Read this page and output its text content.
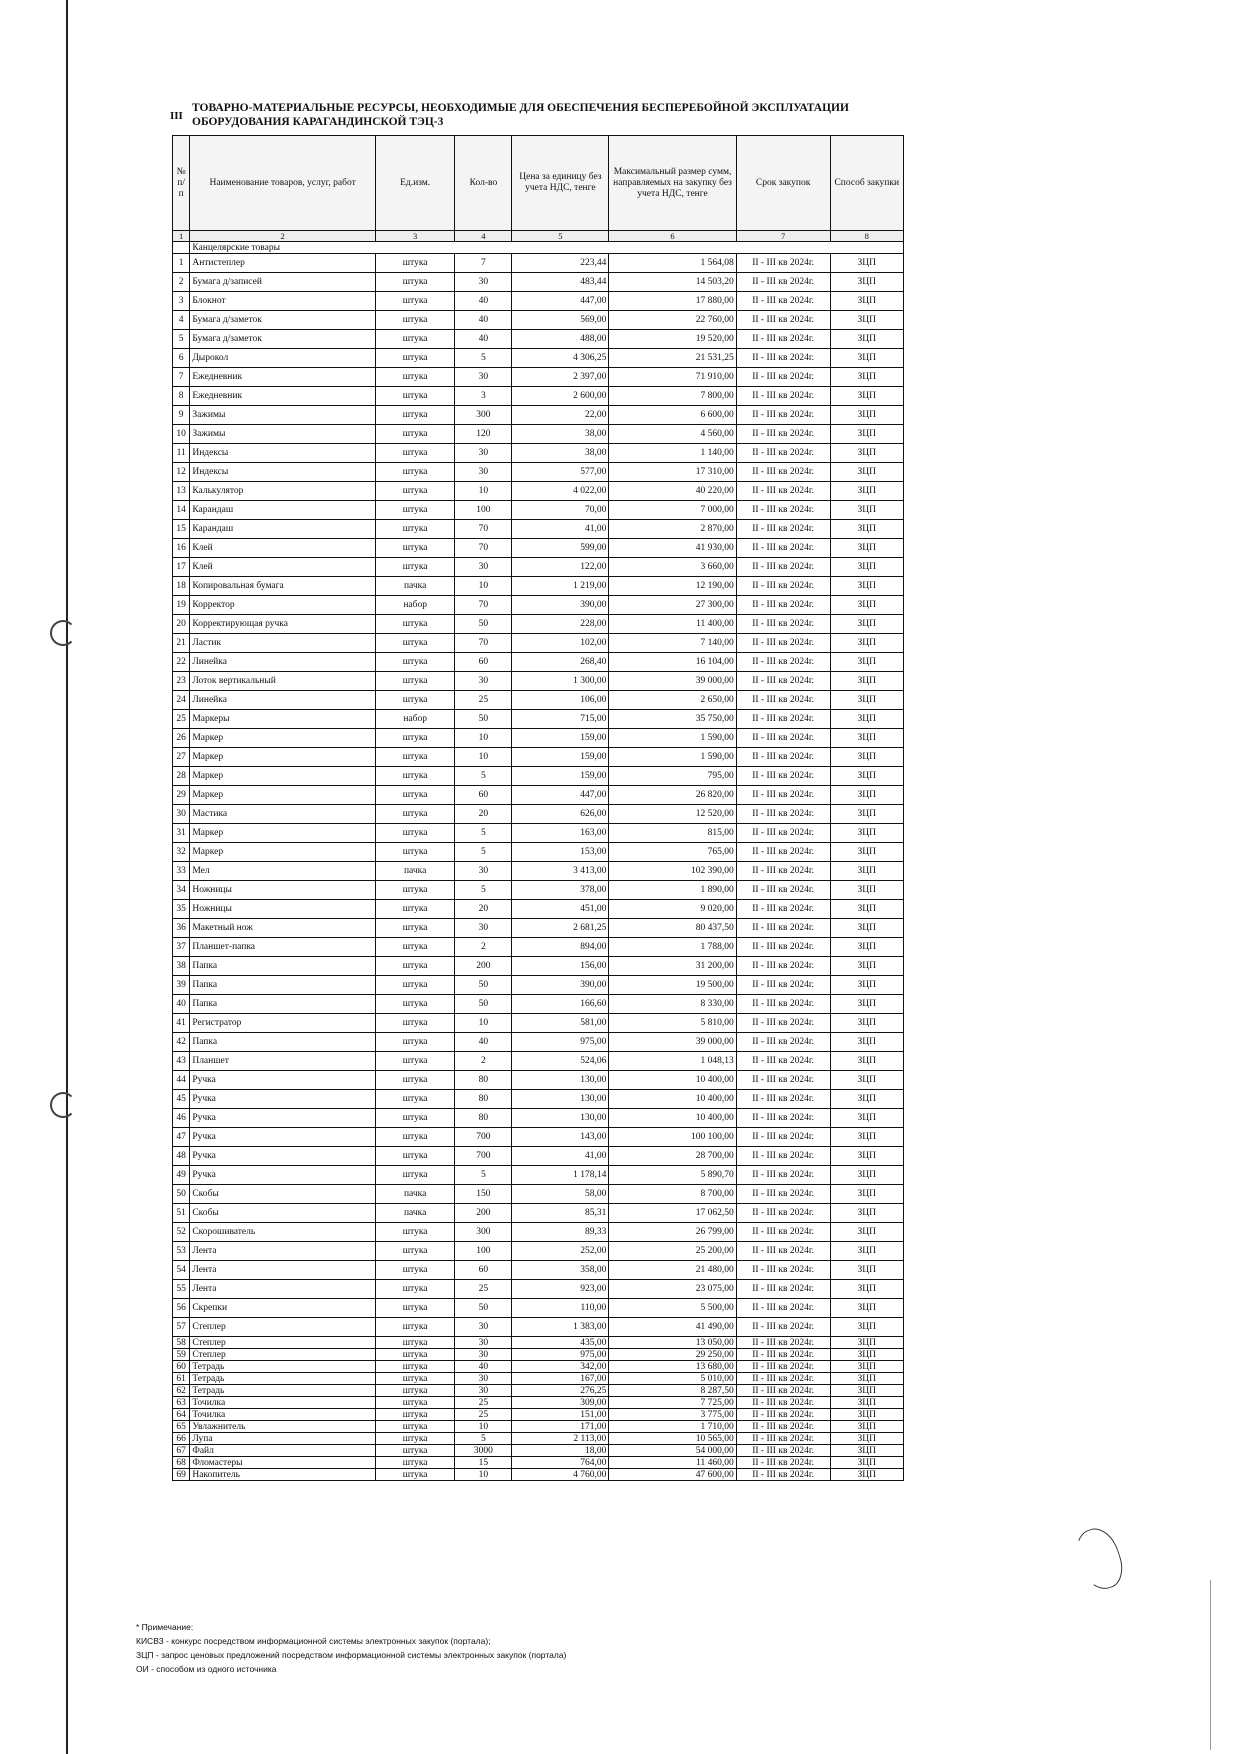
III
ТОВАРНО-МАТЕРИАЛЬНЫЕ РЕСУРСЫ, НЕОБХОДИМЫЕ ДЛЯ ОБЕСПЕЧЕНИЯ БЕСПЕРЕБОЙНОЙ ЭКСПЛУАТАЦИИ ОБОРУДОВАНИЯ КАРАГАНДИНСКОЙ ТЭЦ-3
№ п/п	Наименование товаров, услуг, работ	Ед.изм.	Кол-во	Цена за единицу без учета НДС, тенге	Максимальный размер сумм, направляемых на закупку без учета НДС, тенге	Срок закупок	Способ закупки
1	2	3	4	5	6	7	8
	Канцелярские товары						
1	Антистеплер	штука	7	223,44	1 564,08	II - III кв 2024г.	ЗЦП
2	Бумага д/записей	штука	30	483,44	14 503,20	II - III кв 2024г.	ЗЦП
3	Блокнот	штука	40	447,00	17 880,00	II - III кв 2024г.	ЗЦП
4	Бумага д/заметок	штука	40	569,00	22 760,00	II - III кв 2024г.	ЗЦП
5	Бумага д/заметок	штука	40	488,00	19 520,00	II - III кв 2024г.	ЗЦП
6	Дырокол	штука	5	4 306,25	21 531,25	II - III кв 2024г.	ЗЦП
7	Ежедневник	штука	30	2 397,00	71 910,00	II - III кв 2024г.	ЗЦП
8	Ежедневник	штука	3	2 600,00	7 800,00	II - III кв 2024г.	ЗЦП
9	Зажимы	штука	300	22,00	6 600,00	II - III кв 2024г.	ЗЦП
10	Зажимы	штука	120	38,00	4 560,00	II - III кв 2024г.	ЗЦП
11	Индексы	штука	30	38,00	1 140,00	II - III кв 2024г.	ЗЦП
12	Индексы	штука	30	577,00	17 310,00	II - III кв 2024г.	ЗЦП
13	Калькулятор	штука	10	4 022,00	40 220,00	II - III кв 2024г.	ЗЦП
14	Карандаш	штука	100	70,00	7 000,00	II - III кв 2024г.	ЗЦП
15	Карандаш	штука	70	41,00	2 870,00	II - III кв 2024г.	ЗЦП
16	Клей	штука	70	599,00	41 930,00	II - III кв 2024г.	ЗЦП
17	Клей	штука	30	122,00	3 660,00	II - III кв 2024г.	ЗЦП
18	Копировальная бумага	пачка	10	1 219,00	12 190,00	II - III кв 2024г.	ЗЦП
19	Корректор	набор	70	390,00	27 300,00	II - III кв 2024г.	ЗЦП
20	Корректирующая ручка	штука	50	228,00	11 400,00	II - III кв 2024г.	ЗЦП
21	Ластик	штука	70	102,00	7 140,00	II - III кв 2024г.	ЗЦП
22	Линейка	штука	60	268,40	16 104,00	II - III кв 2024г.	ЗЦП
23	Лоток вертикальный	штука	30	1 300,00	39 000,00	II - III кв 2024г.	ЗЦП
24	Линейка	штука	25	106,00	2 650,00	II - III кв 2024г.	ЗЦП
25	Маркеры	набор	50	715,00	35 750,00	II - III кв 2024г.	ЗЦП
26	Маркер	штука	10	159,00	1 590,00	II - III кв 2024г.	ЗЦП
27	Маркер	штука	10	159,00	1 590,00	II - III кв 2024г.	ЗЦП
28	Маркер	штука	5	159,00	795,00	II - III кв 2024г.	ЗЦП
29	Маркер	штука	60	447,00	26 820,00	II - III кв 2024г.	ЗЦП
30	Мастика	штука	20	626,00	12 520,00	II - III кв 2024г.	ЗЦП
31	Маркер	штука	5	163,00	815,00	II - III кв 2024г.	ЗЦП
32	Маркер	штука	5	153,00	765,00	II - III кв 2024г.	ЗЦП
33	Мел	пачка	30	3 413,00	102 390,00	II - III кв 2024г.	ЗЦП
34	Ножницы	штука	5	378,00	1 890,00	II - III кв 2024г.	ЗЦП
35	Ножницы	штука	20	451,00	9 020,00	II - III кв 2024г.	ЗЦП
36	Макетный нож	штука	30	2 681,25	80 437,50	II - III кв 2024г.	ЗЦП
37	Планшет-папка	штука	2	894,00	1 788,00	II - III кв 2024г.	ЗЦП
38	Папка	штука	200	156,00	31 200,00	II - III кв 2024г.	ЗЦП
39	Папка	штука	50	390,00	19 500,00	II - III кв 2024г.	ЗЦП
40	Папка	штука	50	166,60	8 330,00	II - III кв 2024г.	ЗЦП
41	Регистратор	штука	10	581,00	5 810,00	II - III кв 2024г.	ЗЦП
42	Папка	штука	40	975,00	39 000,00	II - III кв 2024г.	ЗЦП
43	Планшет	штука	2	524,06	1 048,13	II - III кв 2024г.	ЗЦП
44	Ручка	штука	80	130,00	10 400,00	II - III кв 2024г.	ЗЦП
45	Ручка	штука	80	130,00	10 400,00	II - III кв 2024г.	ЗЦП
46	Ручка	штука	80	130,00	10 400,00	II - III кв 2024г.	ЗЦП
47	Ручка	штука	700	143,00	100 100,00	II - III кв 2024г.	ЗЦП
48	Ручка	штука	700	41,00	28 700,00	II - III кв 2024г.	ЗЦП
49	Ручка	штука	5	1 178,14	5 890,70	II - III кв 2024г.	ЗЦП
50	Скобы	пачка	150	58,00	8 700,00	II - III кв 2024г.	ЗЦП
51	Скобы	пачка	200	85,31	17 062,50	II - III кв 2024г.	ЗЦП
52	Скорошиватель	штука	300	89,33	26 799,00	II - III кв 2024г.	ЗЦП
53	Лента	штука	100	252,00	25 200,00	II - III кв 2024г.	ЗЦП
54	Лента	штука	60	358,00	21 480,00	II - III кв 2024г.	ЗЦП
55	Лента	штука	25	923,00	23 075,00	II - III кв 2024г.	ЗЦП
56	Скрепки	штука	50	110,00	5 500,00	II - III кв 2024г.	ЗЦП
57	Степлер	штука	30	1 383,00	41 490,00	II - III кв 2024г.	ЗЦП
58	Степлер	штука	30	435,00	13 050,00	II - III кв 2024г.	ЗЦП
59	Степлер	штука	30	975,00	29 250,00	II - III кв 2024г.	ЗЦП
60	Тетрадь	штука	40	342,00	13 680,00	II - III кв 2024г.	ЗЦП
61	Тетрадь	штука	30	167,00	5 010,00	II - III кв 2024г.	ЗЦП
62	Тетрадь	штука	30	276,25	8 287,50	II - III кв 2024г.	ЗЦП
63	Точилка	штука	25	309,00	7 725,00	II - III кв 2024г.	ЗЦП
64	Точилка	штука	25	151,00	3 775,00	II - III кв 2024г.	ЗЦП
65	Увлажнитель	штука	10	171,00	1 710,00	II - III кв 2024г.	ЗЦП
66	Лупа	штука	5	2 113,00	10 565,00	II - III кв 2024г.	ЗЦП
67	Файл	штука	3000	18,00	54 000,00	II - III кв 2024г.	ЗЦП
68	Фломастеры	штука	15	764,00	11 460,00	II - III кв 2024г.	ЗЦП
69	Накопитель	штука	10	4 760,00	47 600,00	II - III кв 2024г.	ЗЦП
* Примечание:
КИСВЗ - конкурс посредством информационной системы электронных закупок (портала);
ЗЦП - запрос ценовых предложений посредством информационной системы электронных закупок (портала)
ОИ - способом из одного источника
